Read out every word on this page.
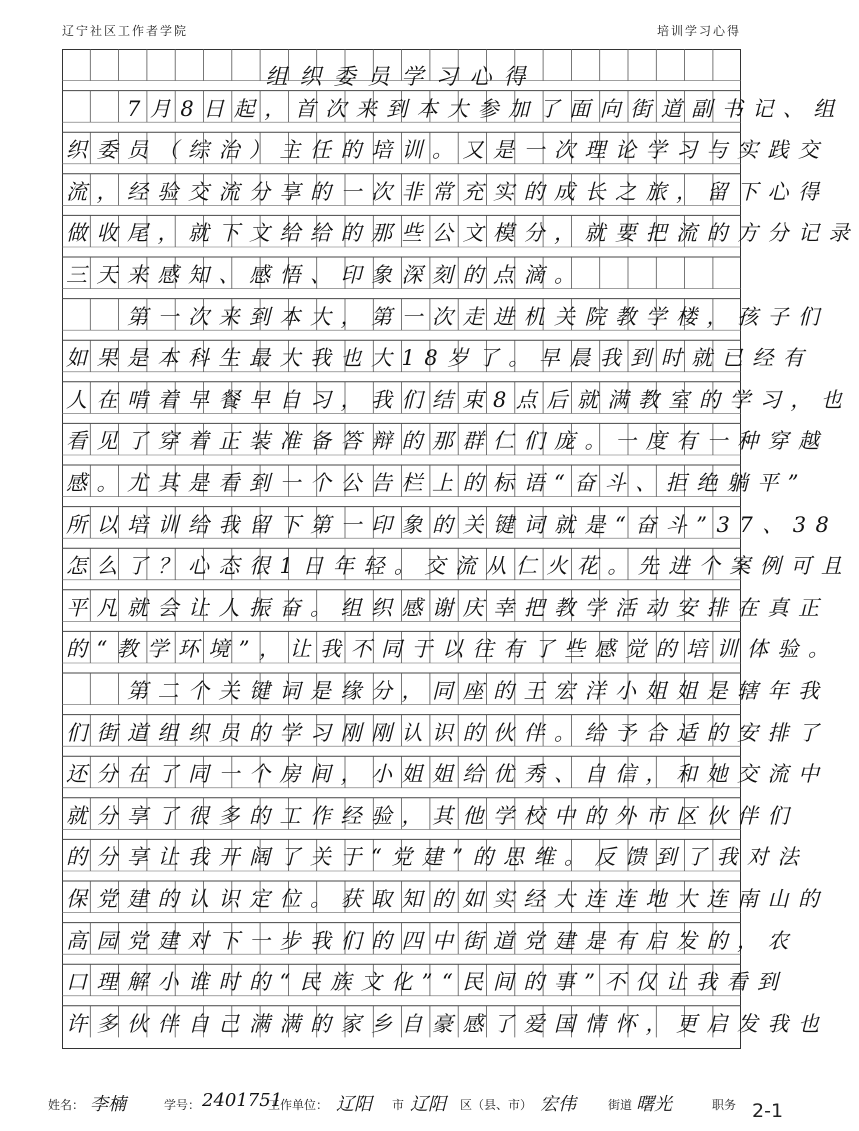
辽宁社区工作者学院	培训学习心得
组织委员学习心得
　　7月8日起，首次来到本大参加了面向街道副书记、组
织委员（综治）主任的培训。又是一次理论学习与实践交
流，经验交流分享的一次非常充实的成长之旅，留下心得
做收尾，就下文给给的那些公文模分，就要把流的方分记录
三天来感知、感悟、印象深刻的点滴。
　　第一次来到本大，第一次走进机关院教学楼，孩子们
如果是本科生最大我也大18岁了。早晨我到时就已经有
人在啃着早餐早自习，我们结束8点后就满教室的学习，也
看见了穿着正装准备答辩的那群仁们庞。一度有一种穿越
感。尤其是看到一个公告栏上的标语“奋斗、拒绝躺平”
所以培训给我留下第一印象的关键词就是“奋斗”37、38
怎么了？心态很1日年轻。交流从仁火花。先进个案例可且
平凡就会让人振奋。组织感谢庆幸把教学活动安排在真正
的“教学环境”，让我不同于以往有了些感觉的培训体验。
　　第二个关键词是缘分，同座的王宏洋小姐姐是辖年我
们街道组织员的学习刚刚认识的伙伴。给予合适的安排了
还分在了同一个房间，小姐姐给优秀、自信，和她交流中
就分享了很多的工作经验，其他学校中的外市区伙伴们
的分享让我开阔了关于“党建”的思维。反馈到了我对法
保党建的认识定位。获取知的如实经大连连地大连南山的
高园党建对下一步我们的四中街道党建是有启发的，农
口理解小谁时的“民族文化”“民间的事”不仅让我看到
许多伙伴自己满满的家乡自豪感了爱国情怀，更启发我也
姓名： 李楠	学号： 2401751
工作单位： 辽阳 市 辽阳 区（县、市） 宏伟	街道 曙光	职务 2-1
